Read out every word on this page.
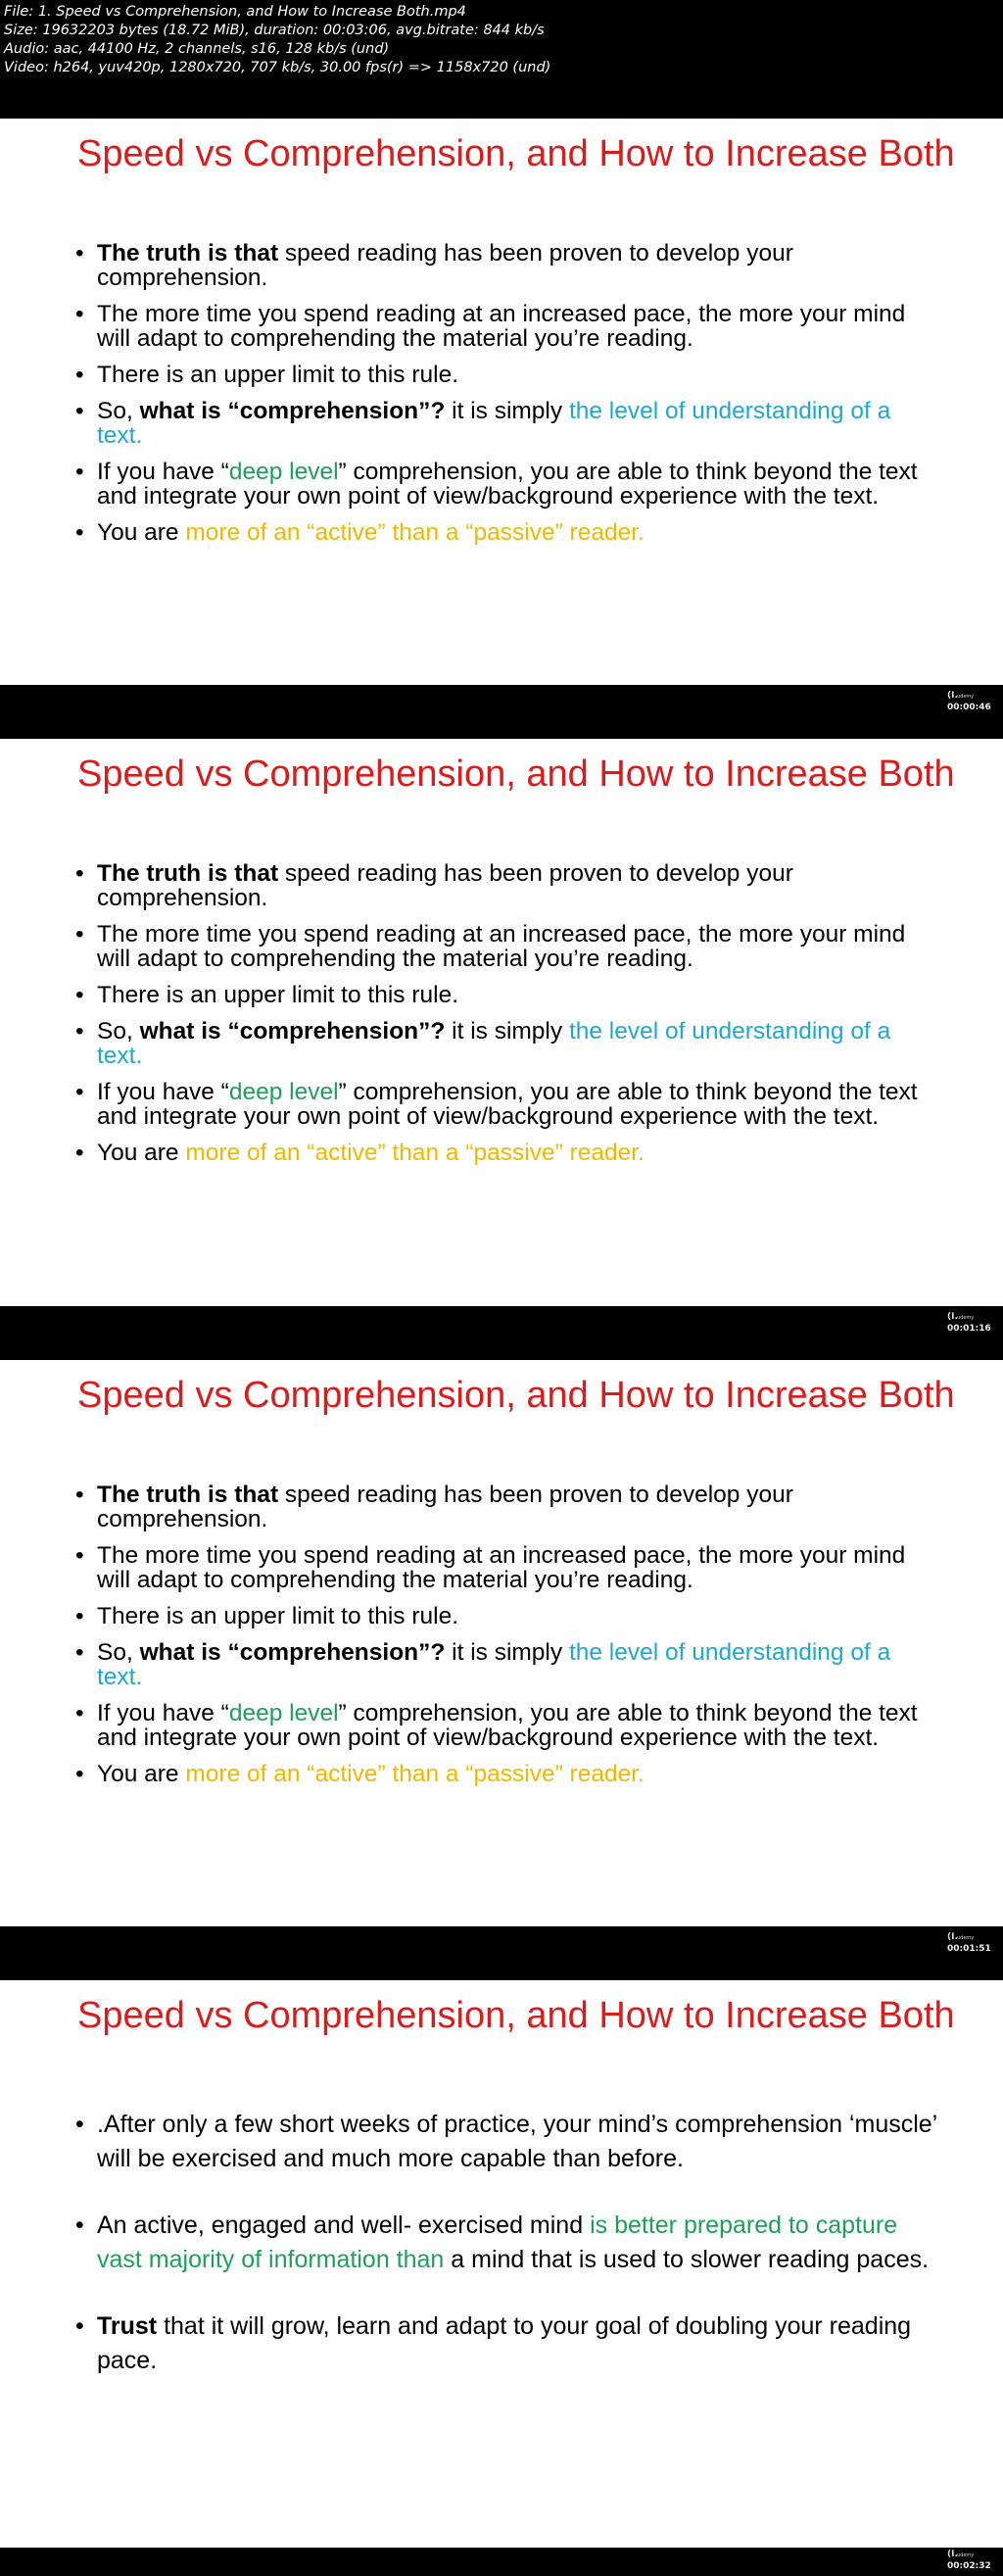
File: 1. Speed vs Comprehension, and How to Increase Both.mp4
Size: 19632203 bytes (18.72 MiB), duration: 00:03:06, avg.bitrate: 844 kb/s
Audio: aac, 44100 Hz, 2 channels, s16, 128 kb/s (und)
Video: h264, yuv420p, 1280x720, 707 kb/s, 30.00 fps(r) => 1158x720 (und)
Speed vs Comprehension, and How to Increase Both
• The truth is that speed reading has been proven to develop your comprehension.
• The more time you spend reading at an increased pace, the more your mind will adapt to comprehending the material you’re reading.
• There is an upper limit to this rule.
• So, what is “comprehension”? it is simply the level of understanding of a text.
• If you have “deep level” comprehension, you are able to think beyond the text and integrate your own point of view/background experience with the text.
• You are more of an “active” than a “passive” reader.
(I. udemy
00:00:46
Speed vs Comprehension, and How to Increase Both
• The truth is that speed reading has been proven to develop your comprehension.
• The more time you spend reading at an increased pace, the more your mind will adapt to comprehending the material you’re reading.
• There is an upper limit to this rule.
• So, what is “comprehension”? it is simply the level of understanding of a text.
• If you have “deep level” comprehension, you are able to think beyond the text and integrate your own point of view/background experience with the text.
• You are more of an “active” than a “passive” reader.
(I. udemy
00:01:16
Speed vs Comprehension, and How to Increase Both
• The truth is that speed reading has been proven to develop your comprehension.
• The more time you spend reading at an increased pace, the more your mind will adapt to comprehending the material you’re reading.
• There is an upper limit to this rule.
• So, what is “comprehension”? it is simply the level of understanding of a text.
• If you have “deep level” comprehension, you are able to think beyond the text and integrate your own point of view/background experience with the text.
• You are more of an “active” than a “passive” reader.
(I. udemy
00:01:51
Speed vs Comprehension, and How to Increase Both
• .After only a few short weeks of practice, your mind’s comprehension ‘muscle’ will be exercised and much more capable than before.
• An active, engaged and well- exercised mind is better prepared to capture vast majority of information than a mind that is used to slower reading paces.
• Trust that it will grow, learn and adapt to your goal of doubling your reading pace.
(I. udemy
00:02:32
